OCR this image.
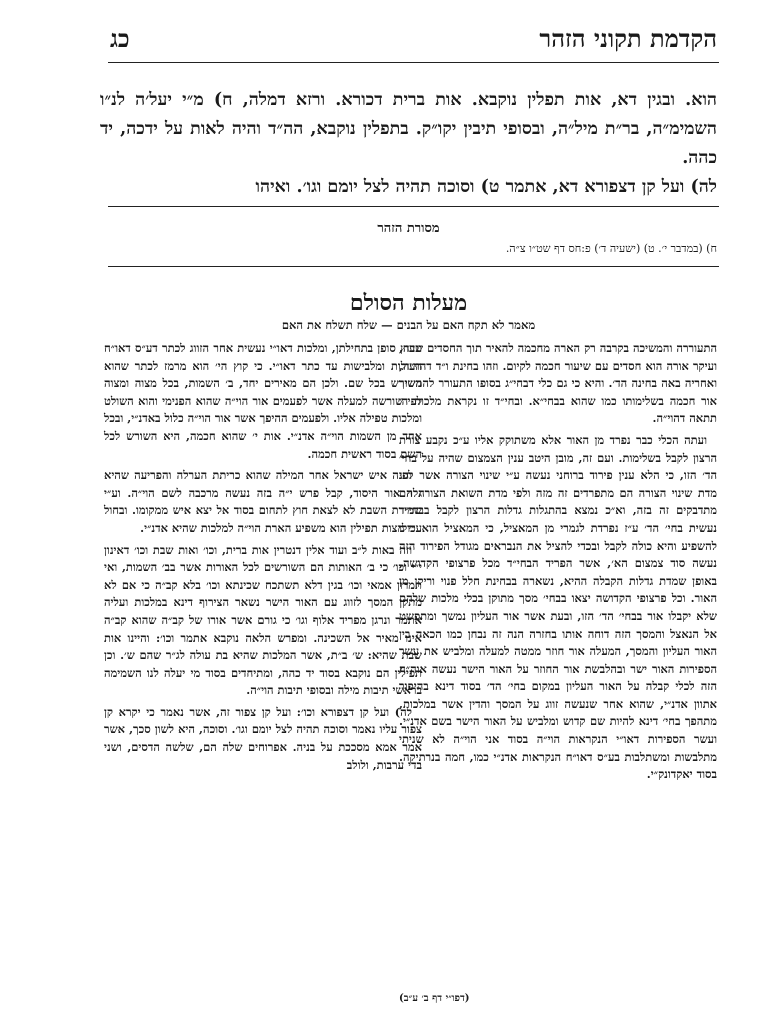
הקדמת תקוני הזהר
כג

הוא. ובגין דא, אות תפלין נוקבא. אות ברית דכורא. ורזא דמלה, ח) מ״י יעל׳ה לנ״ו השמימ״ה, בר״ת מיל״ה, ובסופי תיבין יקו״ק. בתפלין נוקבא, הה״ד והיה לאות על ידכה, יד כהה.

לה) ועל קן דצפורא דא, אתמר ט) וסוכה תהיה לצל יומם וגו׳. ואיהו

מסורת הזהר
ח) (במדבר י׳. ט) (ישעיה ד׳) פ:חס דף שט״ו צ״ה.
מעלות הסולם
מאמר לא תקח האם על הבנים — שלח תשלח את האם

התעוררה והמשיכה בקרבה רק הארה מחכמה להאיר תוך החסדים שבה, ועיקר אורה הוא חסדים עם שיעור חכמה לקיום. וזהו בחינת ו״ד דהוי״ה, ואחריה באה בחינה הד׳. והיא כי גם כלי דבחי״ג בסופו התעורר להמשיך אור חכמה בשלימותו כמו שהוא בבחי״א. ובחי״ד זו נקראת מלכות ה׳ תתאה דהוי״ה.

ועתה הכלי כבר נפרד מן האור אלא משתוקק אליו ע״כ נקבע צורת הרצון לקבל בשלימות. ועם זה, מובן היטב ענין הצמצום שהיה על בחי׳ הד׳ הזו, כי הלא ענין פירוד ברוחני נעשה ע״י שינוי הצורה אשר לפי מדת שינוי הצורה הם מתפרדים זה מזה ולפי מדת השואת הצורה הם מתדבקים זה בזה, וא״כ נמצא בהתגלות גדלות הרצון לקבל בבחי״ד נעשית בחי׳ הד׳ ע״ז נפרדת לגמרי מן המאציל, כי המאציל הוא כולו להשפיע והיא כולה לקבל ובכדי להציל את הנבראים מגודל הפירוד הזה נעשה סוד צמצום הא׳, אשר הפריד הבחי״ד מכל פרצופי הקדושה, באופן שמדת גדלות הקבלה ההיא, נשארה בבחינת חלל פנוי וריקן מן האור. וכל פרצופי הקדושה יצאו בבחי׳ מסך מתוקן בכלי מלכות שלהם שלא יקבלו אור בבחי׳ הד׳ הזו, ובעת אשר אור העליון נמשך ומתפשט אל הנאצל והמסך הזה דוחה אותו בחזרה הנה זה נבחן כמו הכאה בין האור העליון והמסך, המעלה אור חוזר ממטה למעלה ומלביש את עשר הספירות האור ישר ובהלבשת אור החוזר על האור הישר נעשה אוה״ח הזה לכלי קבלה על האור העליון במקום בחי׳ הד׳ בסוד דינא בהיפוך אתוון אדנ״י, שהוא אחר שנעשה זווג על המסך והדין אשר במלכות, מתהפך בחי׳ דינא להיות שם קדוש ומלביש על האור הישר בשם אדנ״י. ועשר הספירות דאו״י הנקראות הוי״ה בסוד אני הוי״ה לא שניתי מתלבשות ומשתלבות בע״ס דאו״ח הנקראות אדנ״י כמו, חמה בנרתיקה. בסוד יאקדונק״י.

ונעוץ סופן בתחילתן, ומלכות דאו״י נעשית אחר הזווג לכתר דע״ס דאו״ח העולות ומלבישות עד כתר דאו״י. כי קוץ הי׳ הוא מרמז לכתר שהוא השורש בכל שם. ולכן הם מאירים יחד, ב׳ השמות, בכל מצוה ומצוה לפי שורשה למעלה אשר לפעמים אור הוי״ה שהוא הפנימי והוא השולט ומלכות טפילה אליו. ולפעמים ההיפך אשר אור הוי״ה כלול באדנ״י, ובכל אחד מן השמות הוי״ה אדנ״י. אות י׳ שהוא חכמה, היא השורש לכל השם בסוד ראשית חכמה.

והנה איש ישראל אחר המילה שהוא כריתת הערלה והפריעה שהיא גלוי אור היסוד, קבל פרש י״ה בזה נעשה מרכבה לשם הוי״ה. וע״י שמירת השבת לא לצאת חוץ לתחום בסוד אל יצא איש ממקומו. ובחול ע״י מצות תפילין הוא משפיע הארת הוי״ה למלכות שהיא אדנ״י.

וזה באות ל״ב ועוד אלין דנטרין אות ברית, וכו׳ ואות שבת וכו׳ דאינון י״י וכו׳ כי ב׳ האותות הם השורשים לכל האורות אשר בב׳ השמות, ואי תמרון אמאי וכו׳ בגין דלא תשתכח שכינתא וכו׳ בלא קב״ה כי אם לא מתקן המסך לזווג עם האור הישר נשאר הצירוף דינא במלכות ועליה אתמר ונרגן מפריד אלוף וגו׳ כי גורם אשר אורו של קב״ה שהוא קב״ה אינו מאיר אל השכינה. ומפרש הלאה נוקבא אתמר וכו׳: והיינו אות שבת שהיא: ש׳ ב״ת, אשר המלכות שהיא בת עולה לג״ר שהם ש׳. וכן תפילין הם נוקבא בסוד יד כהה, ומתיחדים בסוד מי יעלה לנו השמימה בראשי תיבות מילה ובסופי תיבות הוי״ה.

לה) ועל קן דצפורא וכו׳: ועל קן צפור זה, אשר נאמר כי יקרא קן צפור עליו נאמר וסוכה תהיה לצל יומם וגו׳. וסוכה, היא לשון סכך, אשר אמר אמא מסככת על בניה. אפרוחים שלה הם, שלשה הדסים, ושני בדי ערבות, ולולב

(דפו״י דף ב׳ ע״ב)
